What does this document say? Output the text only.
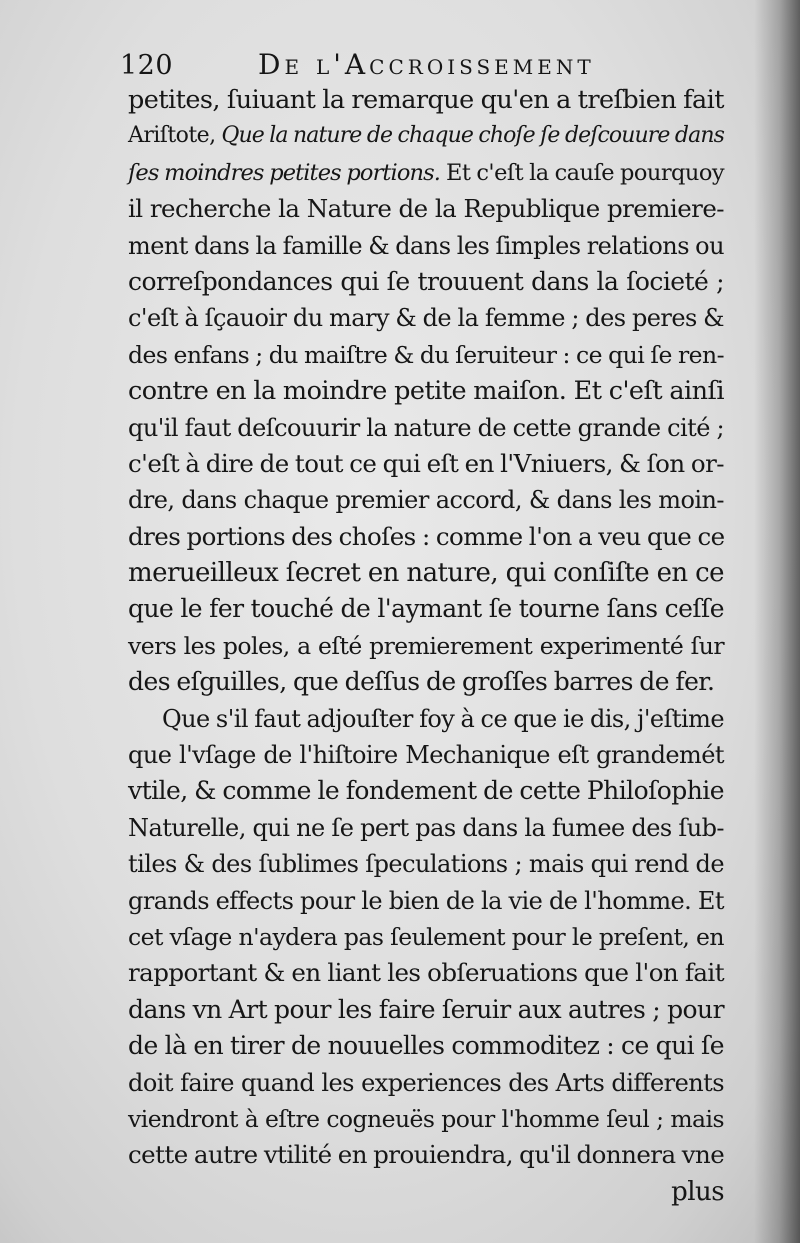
120	De l'Accroissement
petites, ſuiuant la remarque qu'en a treſbien fait
Ariſtote, Que la nature de chaque choſe ſe deſcouure dans
ſes moindres petites portions. Et c'eſt la cauſe pourquoy
il recherche la Nature de la Republique premiere-
ment dans la famille & dans les ſimples relations ou
correſpondances qui ſe trouuent dans la ſocieté ;
c'eſt à ſçauoir du mary & de la femme ; des peres &
des enfans ; du maiſtre & du ſeruiteur : ce qui ſe ren-
contre en la moindre petite maiſon. Et c'eſt ainſi
qu'il faut deſcouurir la nature de cette grande cité ;
c'eſt à dire de tout ce qui eſt en l'Vniuers, & ſon or-
dre, dans chaque premier accord, & dans les moin-
dres portions des choſes : comme l'on a veu que ce
merueilleux ſecret en nature, qui conſiſte en ce
que le fer touché de l'aymant ſe tourne ſans ceſſe
vers les poles, a eſté premierement experimenté ſur
des eſguilles, que deſſus de groſſes barres de fer.
Que s'il faut adjouſter foy à ce que ie dis, j'eſtime
que l'vſage de l'hiſtoire Mechanique eſt grandemét
vtile, & comme le fondement de cette Philoſophie
Naturelle, qui ne ſe pert pas dans la fumee des ſub-
tiles & des ſublimes ſpeculations ; mais qui rend de
grands effects pour le bien de la vie de l'homme. Et
cet vſage n'aydera pas ſeulement pour le preſent, en
rapportant & en liant les obſeruations que l'on fait
dans vn Art pour les faire ſeruir aux autres ; pour
de là en tirer de nouuelles commoditez : ce qui ſe
doit faire quand les experiences des Arts differents
viendront à eſtre cogneuës pour l'homme ſeul ; mais
cette autre vtilité en prouiendra, qu'il donnera vne
plus
